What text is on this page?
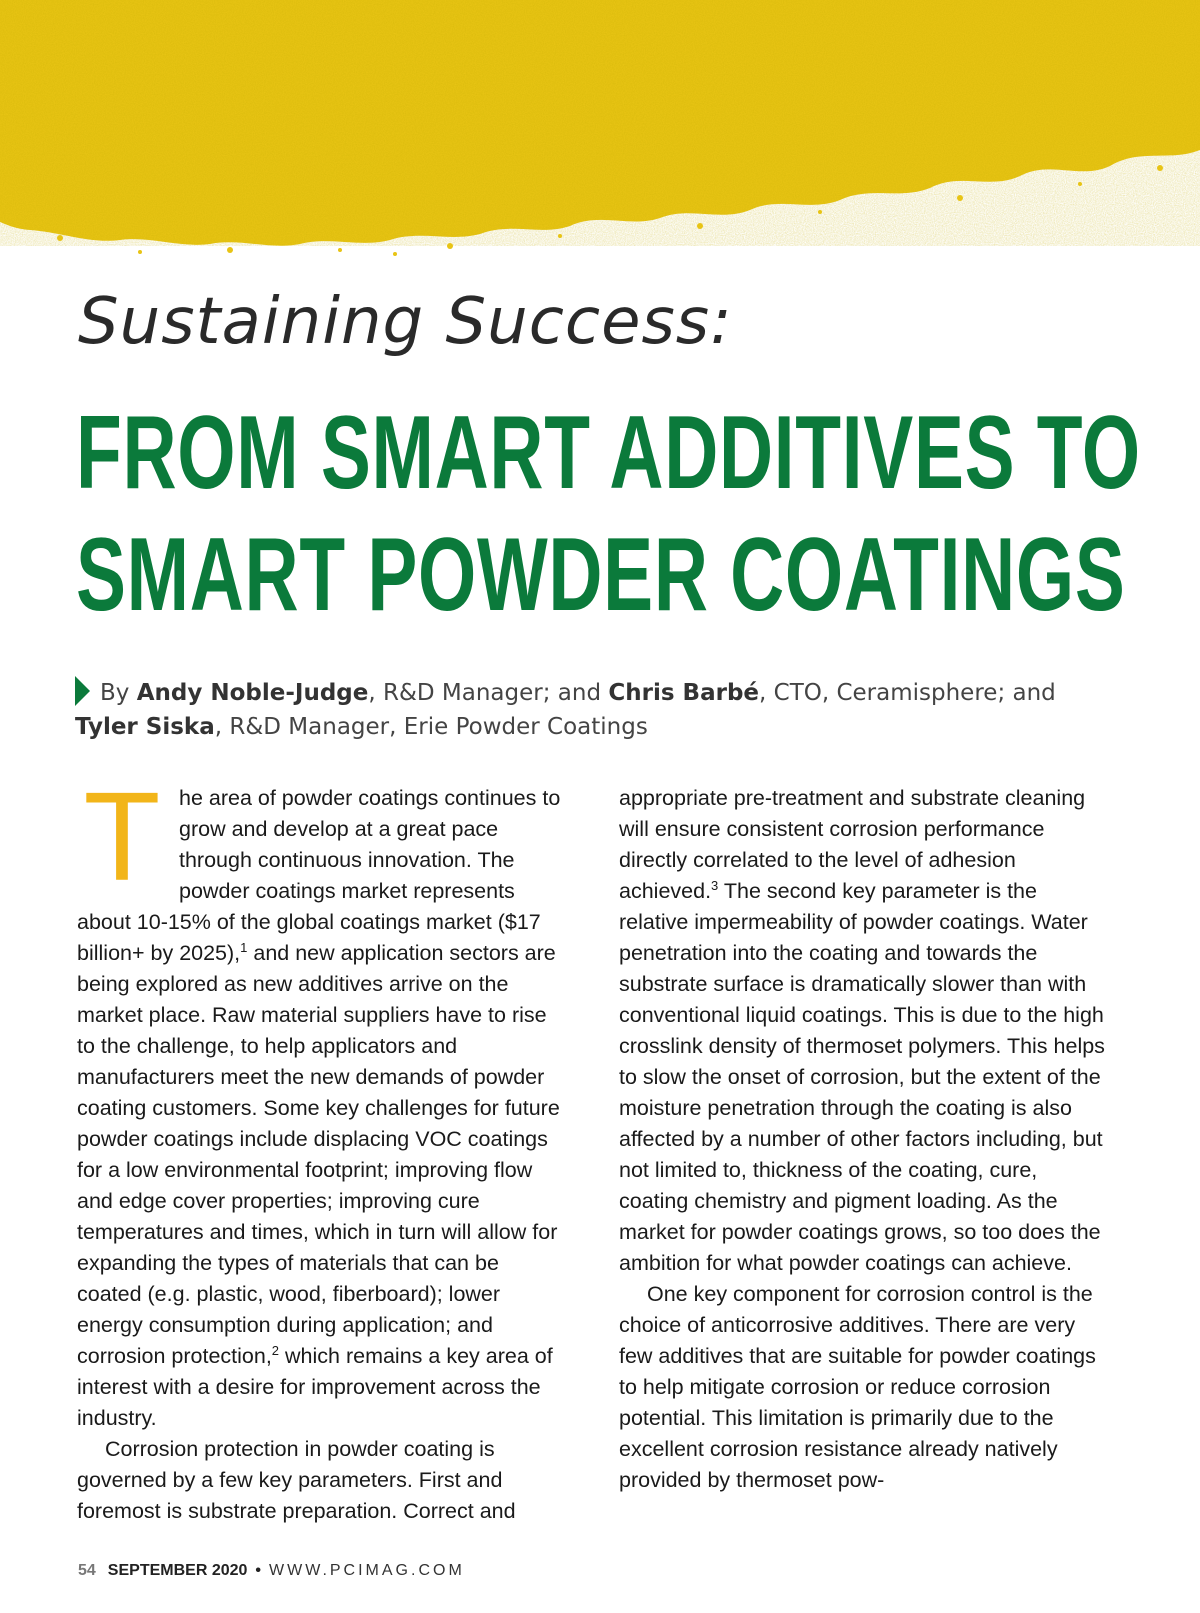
Sustaining Success:
FROM SMART ADDITIVES TO
SMART POWDER COATINGS
By Andy Noble-Judge, R&D Manager; and Chris Barbé, CTO, Ceramisphere; and
Tyler Siska, R&D Manager, Erie Powder Coatings

The area of powder coatings continues to grow and develop at a great pace through continuous innovation. The powder coatings market represents about 10-15% of the global coatings market ($17 billion+ by 2025),$^1$ and new application sectors are being explored as new additives arrive on the market place. Raw material suppliers have to rise to the challenge, to help applicators and manufacturers meet the new demands of powder coating customers. Some key challenges for future powder coatings include displacing VOC coatings for a low environmental footprint; improving flow and edge cover properties; improving cure temperatures and times, which in turn will allow for expanding the types of materials that can be coated (e.g. plastic, wood, fiberboard); lower energy consumption during application; and corrosion protection,$^2$ which remains a key area of interest with a desire for improvement across the industry.

Corrosion protection in powder coating is governed by a few key parameters. First and foremost is substrate preparation. Correct and

appropriate pre-treatment and substrate cleaning will ensure consistent corrosion performance directly correlated to the level of adhesion achieved.$^3$ The second key parameter is the relative impermeability of powder coatings. Water penetration into the coating and towards the substrate surface is dramatically slower than with conventional liquid coatings. This is due to the high crosslink density of thermoset polymers. This helps to slow the onset of corrosion, but the extent of the moisture penetration through the coating is also affected by a number of other factors including, but not limited to, thickness of the coating, cure, coating chemistry and pigment loading. As the market for powder coatings grows, so too does the ambition for what powder coatings can achieve.

One key component for corrosion control is the choice of anticorrosive additives. There are very few additives that are suitable for powder coatings to help mitigate corrosion or reduce corrosion potential. This limitation is primarily due to the excellent corrosion resistance already natively provided by thermoset pow-

54 SEPTEMBER 2020 • WWW.PCIMAG.COM
